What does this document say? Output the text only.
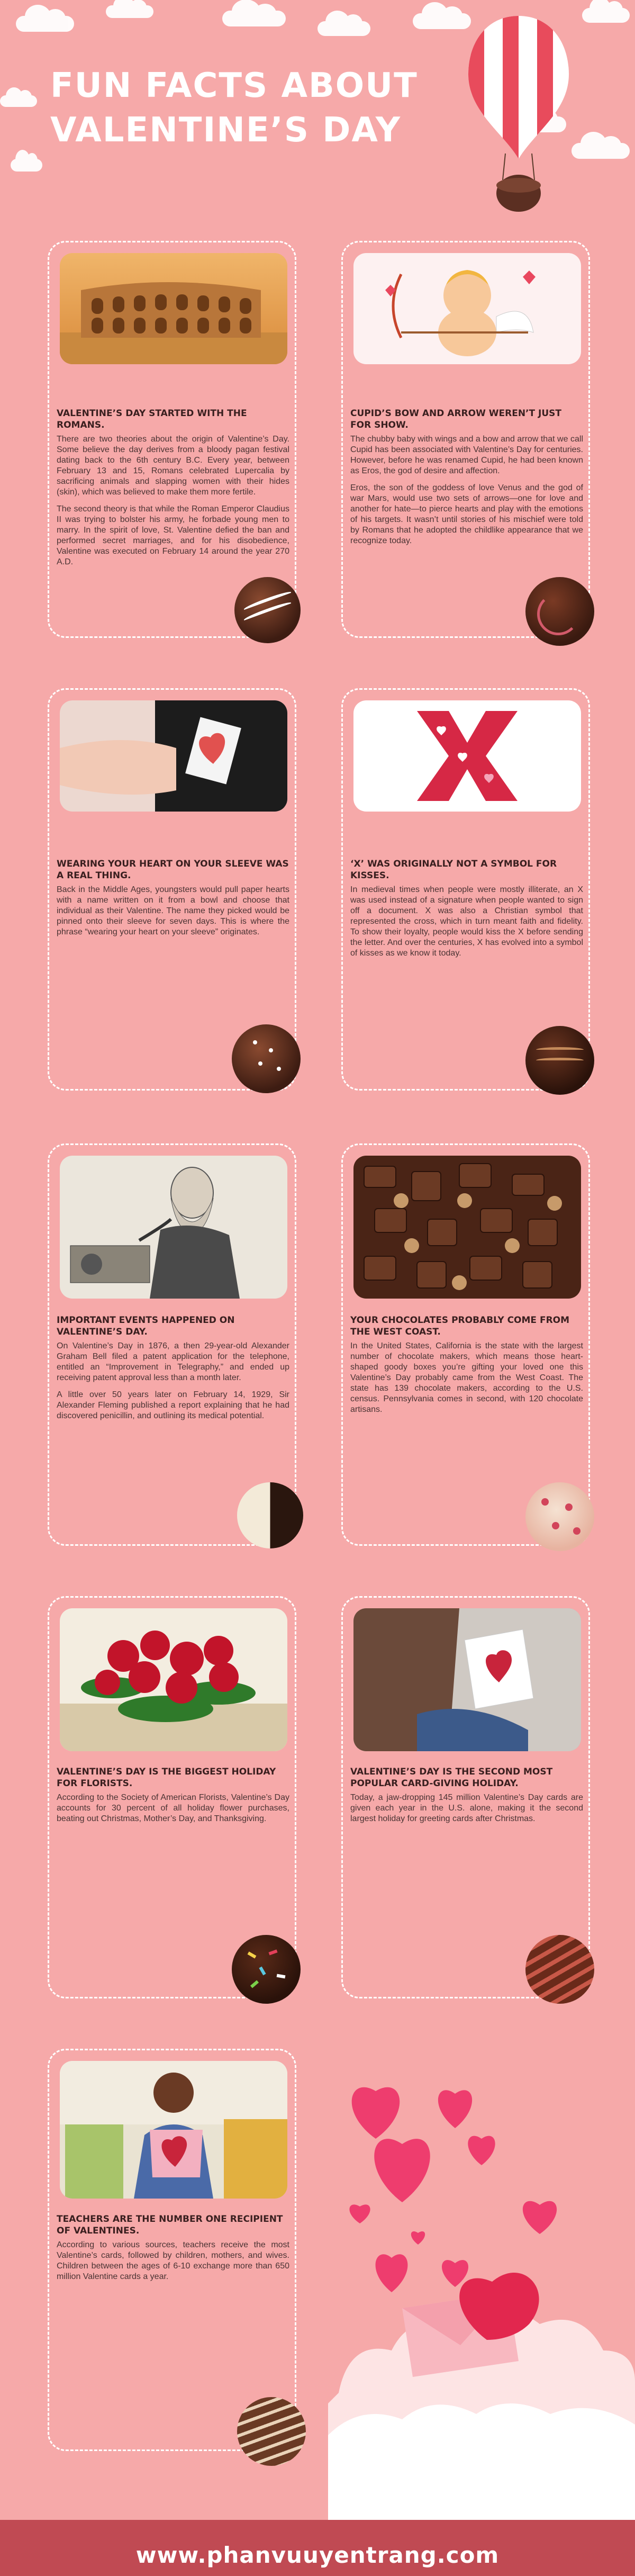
FUN FACTS ABOUT
VALENTINE’S DAY
VALENTINE’S DAY STARTED WITH THE ROMANS.

There are two theories about the origin of Valentine’s Day. Some believe the day derives from a bloody pagan festival dating back to the 6th century B.C. Every year, between February 13 and 15, Romans celebrated Lupercalia by sacrificing animals and slapping women with their hides (skin), which was believed to make them more fertile.

The second theory is that while the Roman Emperor Claudius II was trying to bolster his army, he forbade young men to marry. In the spirit of love, St. Valentine defied the ban and performed secret marriages, and for his disobedience, Valentine was executed on February 14 around the year 270 A.D.

CUPID’S BOW AND ARROW WEREN’T JUST FOR SHOW.

The chubby baby with wings and a bow and arrow that we call Cupid has been associated with Valentine’s Day for centuries. However, before he was renamed Cupid, he had been known as Eros, the god of desire and affection.

Eros, the son of the goddess of love Venus and the god of war Mars, would use two sets of arrows—one for love and another for hate—to pierce hearts and play with the emotions of his targets. It wasn’t until stories of his mischief were told by Romans that he adopted the childlike appearance that we recognize today.

WEARING YOUR HEART ON YOUR SLEEVE WAS A REAL THING.

Back in the Middle Ages, youngsters would pull paper hearts with a name written on it from a bowl and choose that individual as their Valentine. The name they picked would be pinned onto their sleeve for seven days. This is where the phrase “wearing your heart on your sleeve” originates.

‘X’ WAS ORIGINALLY NOT A SYMBOL FOR KISSES.

In medieval times when people were mostly illiterate, an X was used instead of a signature when people wanted to sign off a document. X was also a Christian symbol that represented the cross, which in turn meant faith and fidelity. To show their loyalty, people would kiss the X before sending the letter. And over the centuries, X has evolved into a symbol of kisses as we know it today.

IMPORTANT EVENTS HAPPENED ON VALENTINE’S DAY.

On Valentine’s Day in 1876, a then 29-year-old Alexander Graham Bell filed a patent application for the telephone, entitled an “Improvement in Telegraphy,” and ended up receiving patent approval less than a month later.

A little over 50 years later on February 14, 1929, Sir Alexander Fleming published a report explaining that he had discovered penicillin, and outlining its medical potential.

YOUR CHOCOLATES PROBABLY COME FROM THE WEST COAST.

In the United States, California is the state with the largest number of chocolate makers, which means those heart-shaped goody boxes you’re gifting your loved one this Valentine’s Day probably came from the West Coast. The state has 139 chocolate makers, according to the U.S. census. Pennsylvania comes in second, with 120 chocolate artisans.

VALENTINE’S DAY IS THE BIGGEST HOLIDAY FOR FLORISTS.

According to the Society of American Florists, Valentine’s Day accounts for 30 percent of all holiday flower purchases, beating out Christmas, Mother’s Day, and Thanksgiving.

VALENTINE’S DAY IS THE SECOND MOST POPULAR CARD-GIVING HOLIDAY.

Today, a jaw-dropping 145 million Valentine’s Day cards are given each year in the U.S. alone, making it the second largest holiday for greeting cards after Christmas.

TEACHERS ARE THE NUMBER ONE RECIPIENT OF VALENTINES.

According to various sources, teachers receive the most Valentine’s cards, followed by children, mothers, and wives. Children between the ages of 6-10 exchange more than 650 million Valentine cards a year.

www.phanvuuyentrang.com
